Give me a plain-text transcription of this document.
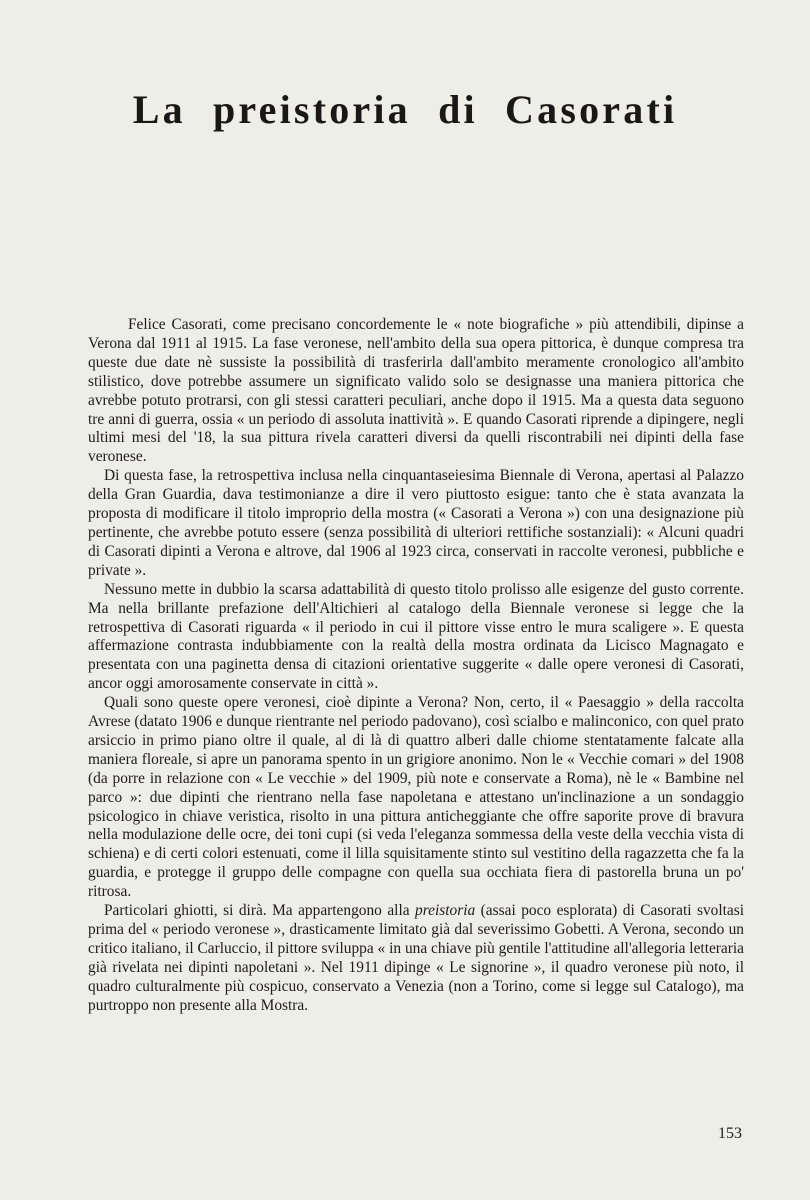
La preistoria di Casorati

Felice Casorati, come precisano concordemente le « note biografiche » più attendibili, dipinse a Verona dal 1911 al 1915. La fase veronese, nell'ambito della sua opera pittorica, è dunque compresa tra queste due date nè sussiste la possibilità di trasferirla dall'ambito meramente cronologico all'ambito stilistico, dove potrebbe assumere un significato valido solo se designasse una maniera pittorica che avrebbe potuto protrarsi, con gli stessi caratteri peculiari, anche dopo il 1915. Ma a questa data seguono tre anni di guerra, ossia « un periodo di assoluta inattività ». E quando Casorati riprende a dipingere, negli ultimi mesi del '18, la sua pittura rivela caratteri diversi da quelli riscontrabili nei dipinti della fase veronese.

Di questa fase, la retrospettiva inclusa nella cinquantaseiesima Biennale di Verona, apertasi al Palazzo della Gran Guardia, dava testimonianze a dire il vero piuttosto esigue: tanto che è stata avanzata la proposta di modificare il titolo improprio della mostra (« Casorati a Verona ») con una designazione più pertinente, che avrebbe potuto essere (senza possibilità di ulteriori rettifiche sostanziali): « Alcuni quadri di Casorati dipinti a Verona e altrove, dal 1906 al 1923 circa, conservati in raccolte veronesi, pubbliche e private ».

Nessuno mette in dubbio la scarsa adattabilità di questo titolo prolisso alle esigenze del gusto corrente. Ma nella brillante prefazione dell'Altichieri al catalogo della Biennale veronese si legge che la retrospettiva di Casorati riguarda « il periodo in cui il pittore visse entro le mura scaligere ». E questa affermazione contrasta indubbiamente con la realtà della mostra ordinata da Licisco Magnagato e presentata con una paginetta densa di citazioni orientative suggerite « dalle opere veronesi di Casorati, ancor oggi amorosamente conservate in città ».

Quali sono queste opere veronesi, cioè dipinte a Verona? Non, certo, il « Paesaggio » della raccolta Avrese (datato 1906 e dunque rientrante nel periodo padovano), così scialbo e malinconico, con quel prato arsiccio in primo piano oltre il quale, al di là di quattro alberi dalle chiome stentatamente falcate alla maniera floreale, si apre un panorama spento in un grigiore anonimo. Non le « Vecchie comari » del 1908 (da porre in relazione con « Le vecchie » del 1909, più note e conservate a Roma), nè le « Bambine nel parco »: due dipinti che rientrano nella fase napoletana e attestano un'inclinazione a un sondaggio psicologico in chiave veristica, risolto in una pittura anticheggiante che offre saporite prove di bravura nella modulazione delle ocre, dei toni cupi (si veda l'eleganza sommessa della veste della vecchia vista di schiena) e di certi colori estenuati, come il lilla squisitamente stinto sul vestitino della ragazzetta che fa la guardia, e protegge il gruppo delle compagne con quella sua occhiata fiera di pastorella bruna un po' ritrosa.

Particolari ghiotti, si dirà. Ma appartengono alla preistoria (assai poco esplorata) di Casorati svoltasi prima del « periodo veronese », drasticamente limitato già dal severissimo Gobetti. A Verona, secondo un critico italiano, il Carluccio, il pittore sviluppa « in una chiave più gentile l'attitudine all'allegoria letteraria già rivelata nei dipinti napoletani ». Nel 1911 dipinge « Le signorine », il quadro veronese più noto, il quadro culturalmente più cospicuo, conservato a Venezia (non a Torino, come si legge sul Catalogo), ma purtroppo non presente alla Mostra.

153
